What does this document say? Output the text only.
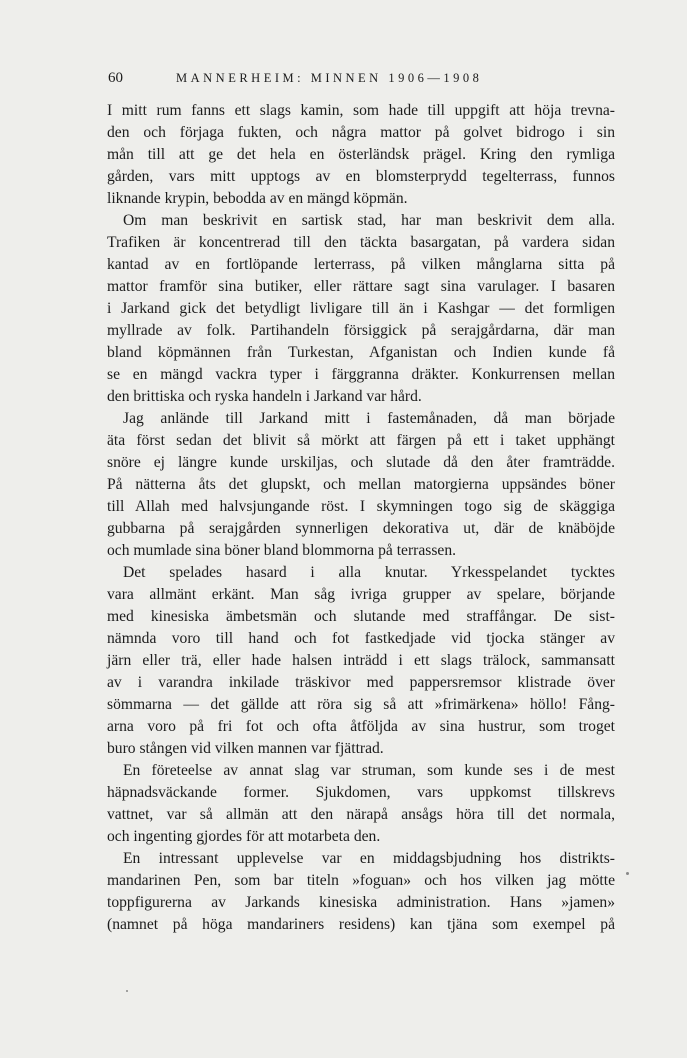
60	MANNERHEIM: MINNEN 1906—1908
I mitt rum fanns ett slags kamin, som hade till uppgift att höja trevna-
den och förjaga fukten, och några mattor på golvet bidrogo i sin
mån till att ge det hela en österländsk prägel. Kring den rymliga
gården, vars mitt upptogs av en blomsterprydd tegelterrass, funnos
liknande krypin, bebodda av en mängd köpmän.
Om man beskrivit en sartisk stad, har man beskrivit dem alla.
Trafiken är koncentrerad till den täckta basargatan, på vardera sidan
kantad av en fortlöpande lerterrass, på vilken månglarna sitta på
mattor framför sina butiker, eller rättare sagt sina varulager. I basaren
i Jarkand gick det betydligt livligare till än i Kashgar — det formligen
myllrade av folk. Partihandeln försiggick på serajgårdarna, där man
bland köpmännen från Turkestan, Afganistan och Indien kunde få
se en mängd vackra typer i färggranna dräkter. Konkurrensen mellan
den brittiska och ryska handeln i Jarkand var hård.
Jag anlände till Jarkand mitt i fastemånaden, då man började
äta först sedan det blivit så mörkt att färgen på ett i taket upphängt
snöre ej längre kunde urskiljas, och slutade då den åter framträdde.
På nätterna åts det glupskt, och mellan matorgierna uppsändes böner
till Allah med halvsjungande röst. I skymningen togo sig de skäggiga
gubbarna på serajgården synnerligen dekorativa ut, där de knäböjde
och mumlade sina böner bland blommorna på terrassen.
Det spelades hasard i alla knutar. Yrkesspelandet tycktes
vara allmänt erkänt. Man såg ivriga grupper av spelare, börjande
med kinesiska ämbetsmän och slutande med straffångar. De sist-
nämnda voro till hand och fot fastkedjade vid tjocka stänger av
järn eller trä, eller hade halsen inträdd i ett slags trälock, sammansatt
av i varandra inkilade träskivor med pappersremsor klistrade över
sömmarna — det gällde att röra sig så att »frimärkena» höllo! Fång-
arna voro på fri fot och ofta åtföljda av sina hustrur, som troget
buro stången vid vilken mannen var fjättrad.
En företeelse av annat slag var struman, som kunde ses i de mest
häpnadsväckande former. Sjukdomen, vars uppkomst tillskrevs
vattnet, var så allmän att den närapå ansågs höra till det normala,
och ingenting gjordes för att motarbeta den.
En intressant upplevelse var en middagsbjudning hos distrikts-
mandarinen Pen, som bar titeln »foguan» och hos vilken jag mötte
toppfigurerna av Jarkands kinesiska administration. Hans »jamen»
(namnet på höga mandariners residens) kan tjäna som exempel på
